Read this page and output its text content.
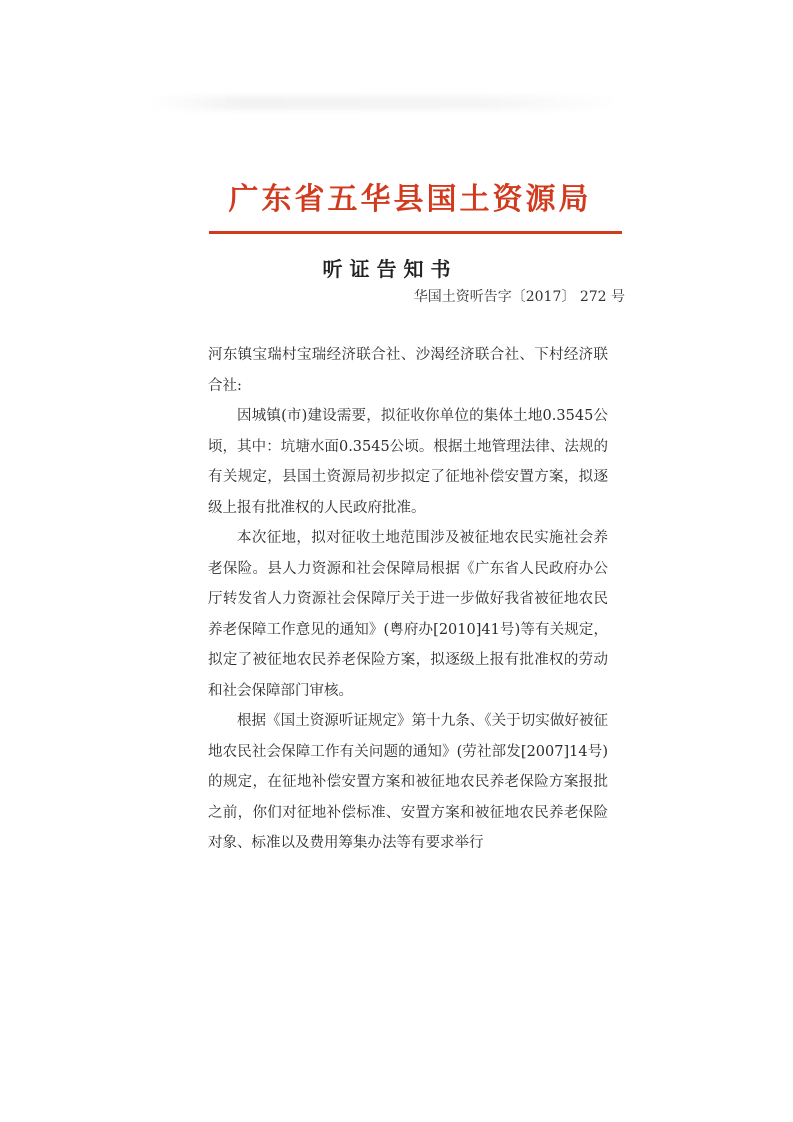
广东省五华县国土资源局
听证告知书
华国土资听告字〔2017〕 272 号

河东镇宝瑞村宝瑞经济联合社、沙渴经济联合社、下村经济联合社:

因城镇(市)建设需要，拟征收你单位的集体土地0.3545公顷，其中：坑塘水面0.3545公顷。根据土地管理法律、法规的有关规定，县国土资源局初步拟定了征地补偿安置方案，拟逐级上报有批准权的人民政府批准。

本次征地，拟对征收土地范围涉及被征地农民实施社会养老保险。县人力资源和社会保障局根据《广东省人民政府办公厅转发省人力资源社会保障厅关于进一步做好我省被征地农民养老保障工作意见的通知》(粤府办[2010]41号)等有关规定，拟定了被征地农民养老保险方案，拟逐级上报有批准权的劳动和社会保障部门审核。

根据《国土资源听证规定》第十九条、《关于切实做好被征地农民社会保障工作有关问题的通知》(劳社部发[2007]14号)的规定，在征地补偿安置方案和被征地农民养老保险方案报批之前，你们对征地补偿标准、安置方案和被征地农民养老保险对象、标准以及费用筹集办法等有要求举行
